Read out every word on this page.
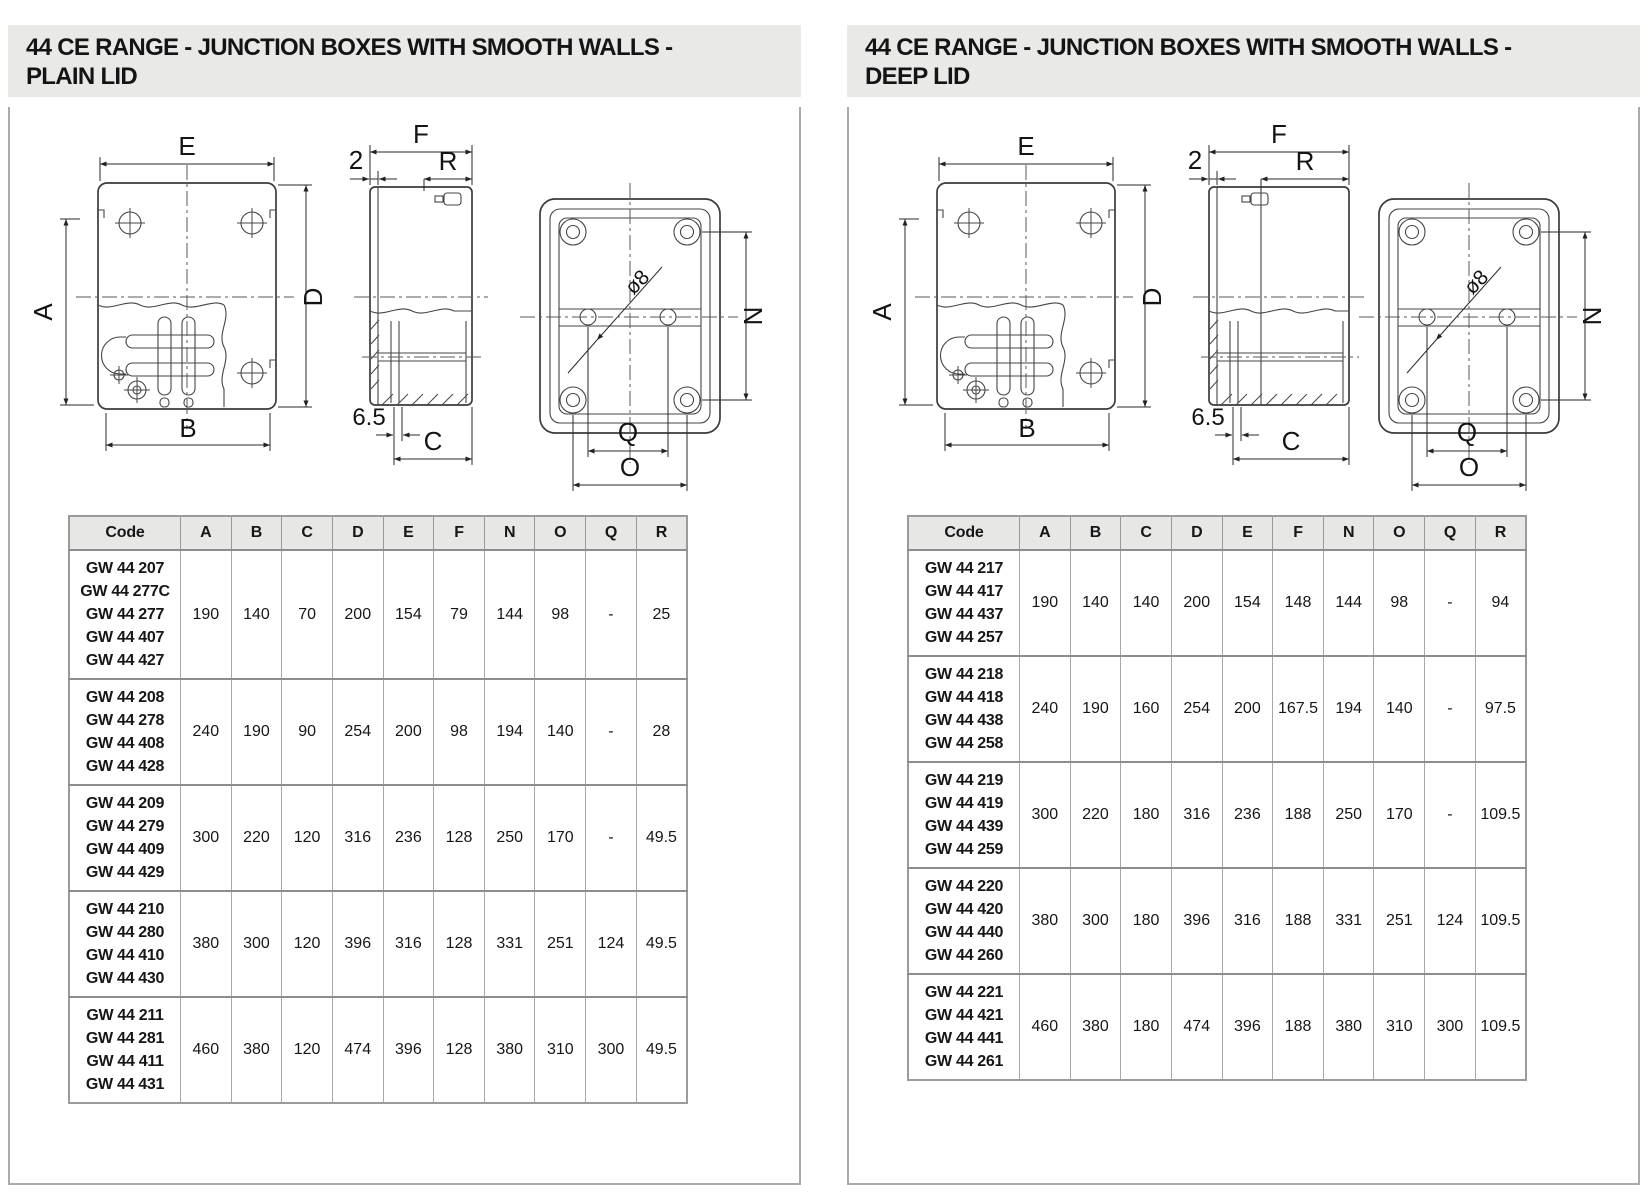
44 CE RANGE - JUNCTION BOXES WITH SMOOTH WALLS -
PLAIN LID
E
A
D
B
F
2	R
6.5
C
ø8
N
Q
O
Code	A	B	C	D	E	F	N	O	Q	R

GW 44 207
GW 44 277C
GW 44 277
GW 44 407
GW 44 427	190	140	70	200	154	79	144	98	-	25

GW 44 208
GW 44 278
GW 44 408
GW 44 428	240	190	90	254	200	98	194	140	-	28

GW 44 209
GW 44 279
GW 44 409
GW 44 429	300	220	120	316	236	128	250	170	-	49.5

GW 44 210
GW 44 280
GW 44 410
GW 44 430	380	300	120	396	316	128	331	251	124	49.5

GW 44 211
GW 44 281
GW 44 411
GW 44 431	460	380	120	474	396	128	380	310	300	49.5
44 CE RANGE - JUNCTION BOXES WITH SMOOTH WALLS -
DEEP LID
E
A
D
B
F
2	R
6.5
C
ø8
N
Q
O
Code	A	B	C	D	E	F	N	O	Q	R

GW 44 217
GW 44 417
GW 44 437
GW 44 257	190	140	140	200	154	148	144	98	-	94

GW 44 218
GW 44 418
GW 44 438
GW 44 258	240	190	160	254	200	167.5	194	140	-	97.5

GW 44 219
GW 44 419
GW 44 439
GW 44 259	300	220	180	316	236	188	250	170	-	109.5

GW 44 220
GW 44 420
GW 44 440
GW 44 260	380	300	180	396	316	188	331	251	124	109.5

GW 44 221
GW 44 421
GW 44 441
GW 44 261	460	380	180	474	396	188	380	310	300	109.5
